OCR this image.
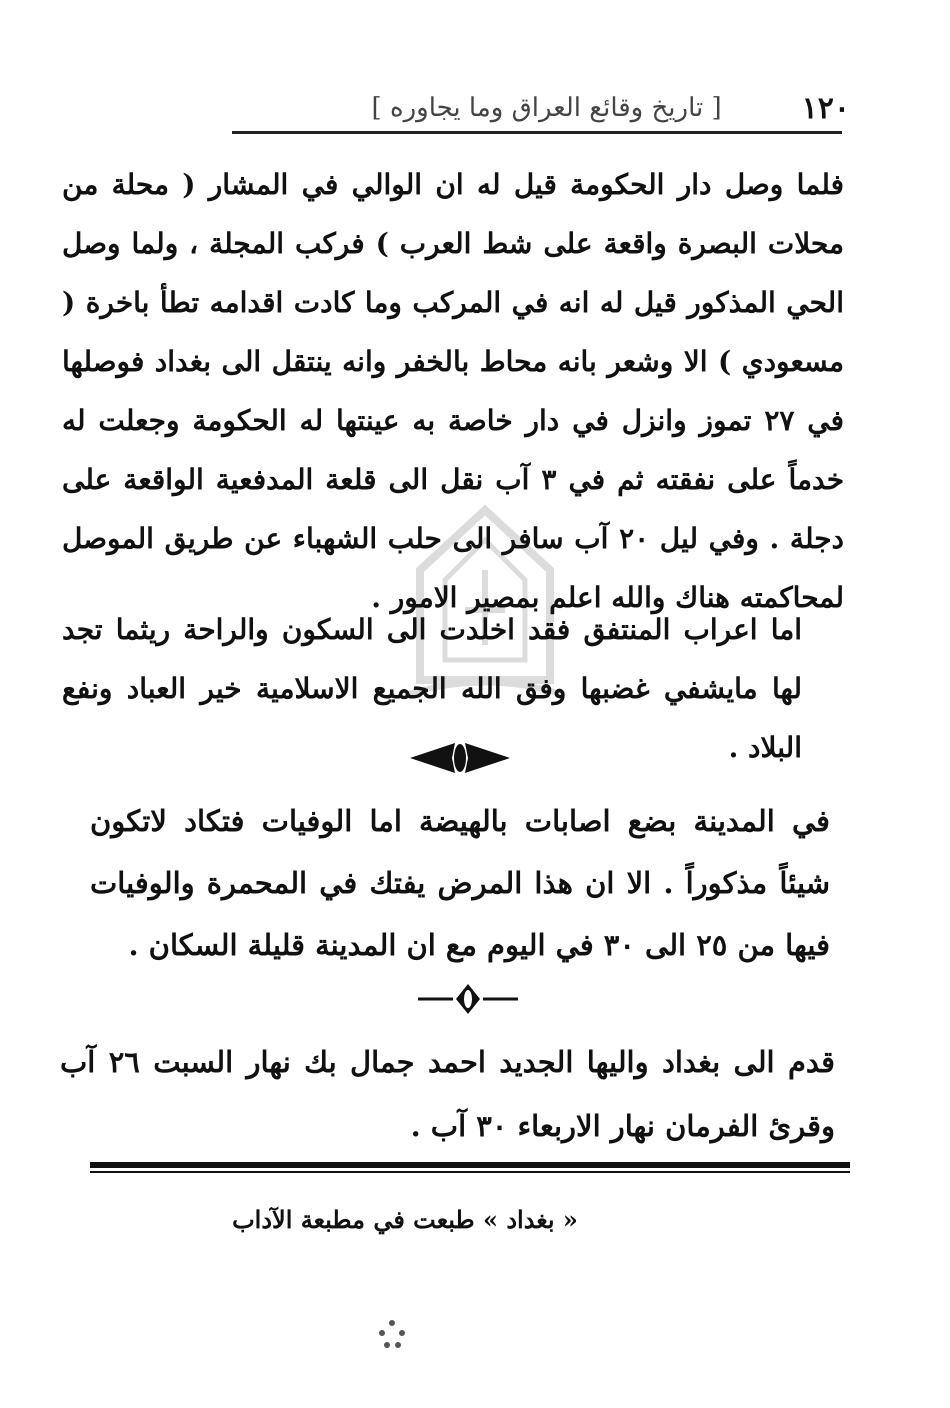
١٢٠
[ تاريخ وقائع العراق وما يجاوره ]

فلما وصل دار الحكومة قيل له ان الوالي في المشار ( محلة من محلات البصرة واقعة على شط العرب ) فركب المجلة ، ولما وصل الحي المذكور قيل له انه في المركب وما كادت اقدامه تطأ باخرة ( مسعودي ) الا وشعر بانه محاط بالخفر وانه ينتقل الى بغداد فوصلها في ٢٧ تموز وانزل في دار خاصة به عينتها له الحكومة وجعلت له خدماً على نفقته ثم في ٣ آب نقل الى قلعة المدفعية الواقعة على دجلة . وفي ليل ٢٠ آب سافر الى حلب الشهباء عن طريق الموصل لمحاكمته هناك والله اعلم بمصير الامور .

اما اعراب المنتفق فقد اخلدت الى السكون والراحة ريثما تجد لها مايشفي غضبها وفق الله الجميع الاسلامية خير العباد ونفع البلاد .

في المدينة بضع اصابات بالهيضة اما الوفيات فتكاد لاتكون شيئاً مذكوراً . الا ان هذا المرض يفتك في المحمرة والوفيات فيها من ٢٥ الى ٣٠ في اليوم مع ان المدينة قليلة السكان .

قدم الى بغداد واليها الجديد احمد جمال بك نهار السبت ٢٦ آب وقرئ الفرمان نهار الاربعاء ٣٠ آب .

« بغداد » طبعت في مطبعة الآداب
